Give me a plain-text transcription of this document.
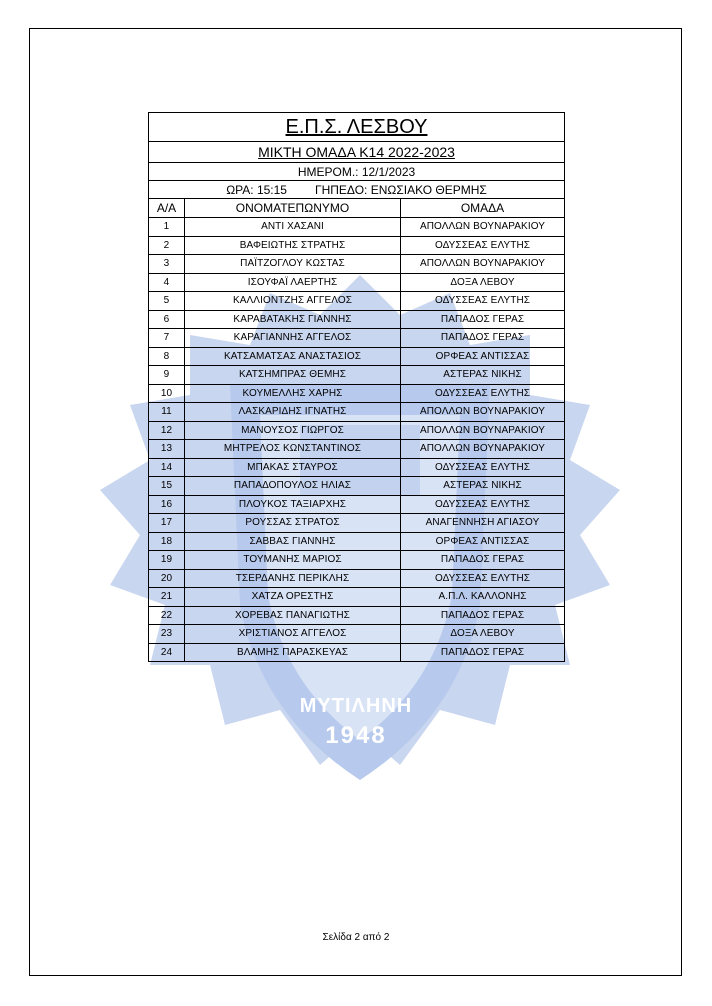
ΜΥΤΙΛΗΝΗ
1948
Ε.Π.Σ. ΛΕΣΒΟΥ		
ΜΙΚΤΗ ΟΜΑΔΑ Κ14 2022-2023		
ΗΜΕΡΟΜ.: 12/1/2023		
ΩΡΑ: 15:15 ΓΗΠΕΔΟ: ΕΝΩΣΙΑΚΟ ΘΕΡΜΗΣ		
Α/Α	ΟΝΟΜΑΤΕΠΩΝΥΜΟ	ΟΜΑΔΑ
1	ΑΝΤΙ ΧΑΣΑΝΙ	ΑΠΟΛΛΩΝ ΒΟΥΝΑΡΑΚΙΟΥ
2	ΒΑΦΕΙΩΤΗΣ ΣΤΡΑΤΗΣ	ΟΔΥΣΣΕΑΣ ΕΛΥΤΗΣ
3	ΠΑΪΤΖΟΓΛΟΥ ΚΩΣΤΑΣ	ΑΠΟΛΛΩΝ ΒΟΥΝΑΡΑΚΙΟΥ
4	ΙΣΟΥΦΑΪ ΛΑΕΡΤΗΣ	ΔΟΞΑ ΛΕΒΟΥ
5	ΚΑΛΛΙΟΝΤΖΗΣ ΑΓΓΕΛΟΣ	ΟΔΥΣΣΕΑΣ ΕΛΥΤΗΣ
6	ΚΑΡΑΒΑΤΑΚΗΣ ΓΙΑΝΝΗΣ	ΠΑΠΑΔΟΣ ΓΕΡΑΣ
7	ΚΑΡΑΓΙΑΝΝΗΣ ΑΓΓΕΛΟΣ	ΠΑΠΑΔΟΣ ΓΕΡΑΣ
8	ΚΑΤΣΑΜΑΤΣΑΣ ΑΝΑΣΤΑΣΙΟΣ	ΟΡΦΕΑΣ ΑΝΤΙΣΣΑΣ
9	ΚΑΤΣΗΜΠΡΑΣ ΘΕΜΗΣ	ΑΣΤΕΡΑΣ ΝΙΚΗΣ
10	ΚΟΥΜΕΛΛΗΣ ΧΑΡΗΣ	ΟΔΥΣΣΕΑΣ ΕΛΥΤΗΣ
11	ΛΑΣΚΑΡΙΔΗΣ ΙΓΝΑΤΗΣ	ΑΠΟΛΛΩΝ ΒΟΥΝΑΡΑΚΙΟΥ
12	ΜΑΝΟΥΣΟΣ ΓΙΩΡΓΟΣ	ΑΠΟΛΛΩΝ ΒΟΥΝΑΡΑΚΙΟΥ
13	ΜΗΤΡΕΛΟΣ ΚΩΝΣΤΑΝΤΙΝΟΣ	ΑΠΟΛΛΩΝ ΒΟΥΝΑΡΑΚΙΟΥ
14	ΜΠΑΚΑΣ ΣΤΑΥΡΟΣ	ΟΔΥΣΣΕΑΣ ΕΛΥΤΗΣ
15	ΠΑΠΑΔΟΠΟΥΛΟΣ ΗΛΙΑΣ	ΑΣΤΕΡΑΣ ΝΙΚΗΣ
16	ΠΛΟΥΚΟΣ ΤΑΞΙΑΡΧΗΣ	ΟΔΥΣΣΕΑΣ ΕΛΥΤΗΣ
17	ΡΟΥΣΣΑΣ ΣΤΡΑΤΟΣ	ΑΝΑΓΕΝΝΗΣΗ ΑΓΙΑΣΟΥ
18	ΣΑΒΒΑΣ ΓΙΑΝΝΗΣ	ΟΡΦΕΑΣ ΑΝΤΙΣΣΑΣ
19	ΤΟΥΜΑΝΗΣ ΜΑΡΙΟΣ	ΠΑΠΑΔΟΣ ΓΕΡΑΣ
20	ΤΣΕΡΔΑΝΗΣ ΠΕΡΙΚΛΗΣ	ΟΔΥΣΣΕΑΣ ΕΛΥΤΗΣ
21	ΧΑΤΖΑ ΟΡΕΣΤΗΣ	Α.Π.Λ. ΚΑΛΛΟΝΗΣ
22	ΧΟΡΕΒΑΣ ΠΑΝΑΓΙΩΤΗΣ	ΠΑΠΑΔΟΣ ΓΕΡΑΣ
23	ΧΡΙΣΤΙΑΝΟΣ ΑΓΓΕΛΟΣ	ΔΟΞΑ ΛΕΒΟΥ
24	ΒΛΑΜΗΣ ΠΑΡΑΣΚΕΥΑΣ	ΠΑΠΑΔΟΣ ΓΕΡΑΣ
Σελίδα 2 από 2
